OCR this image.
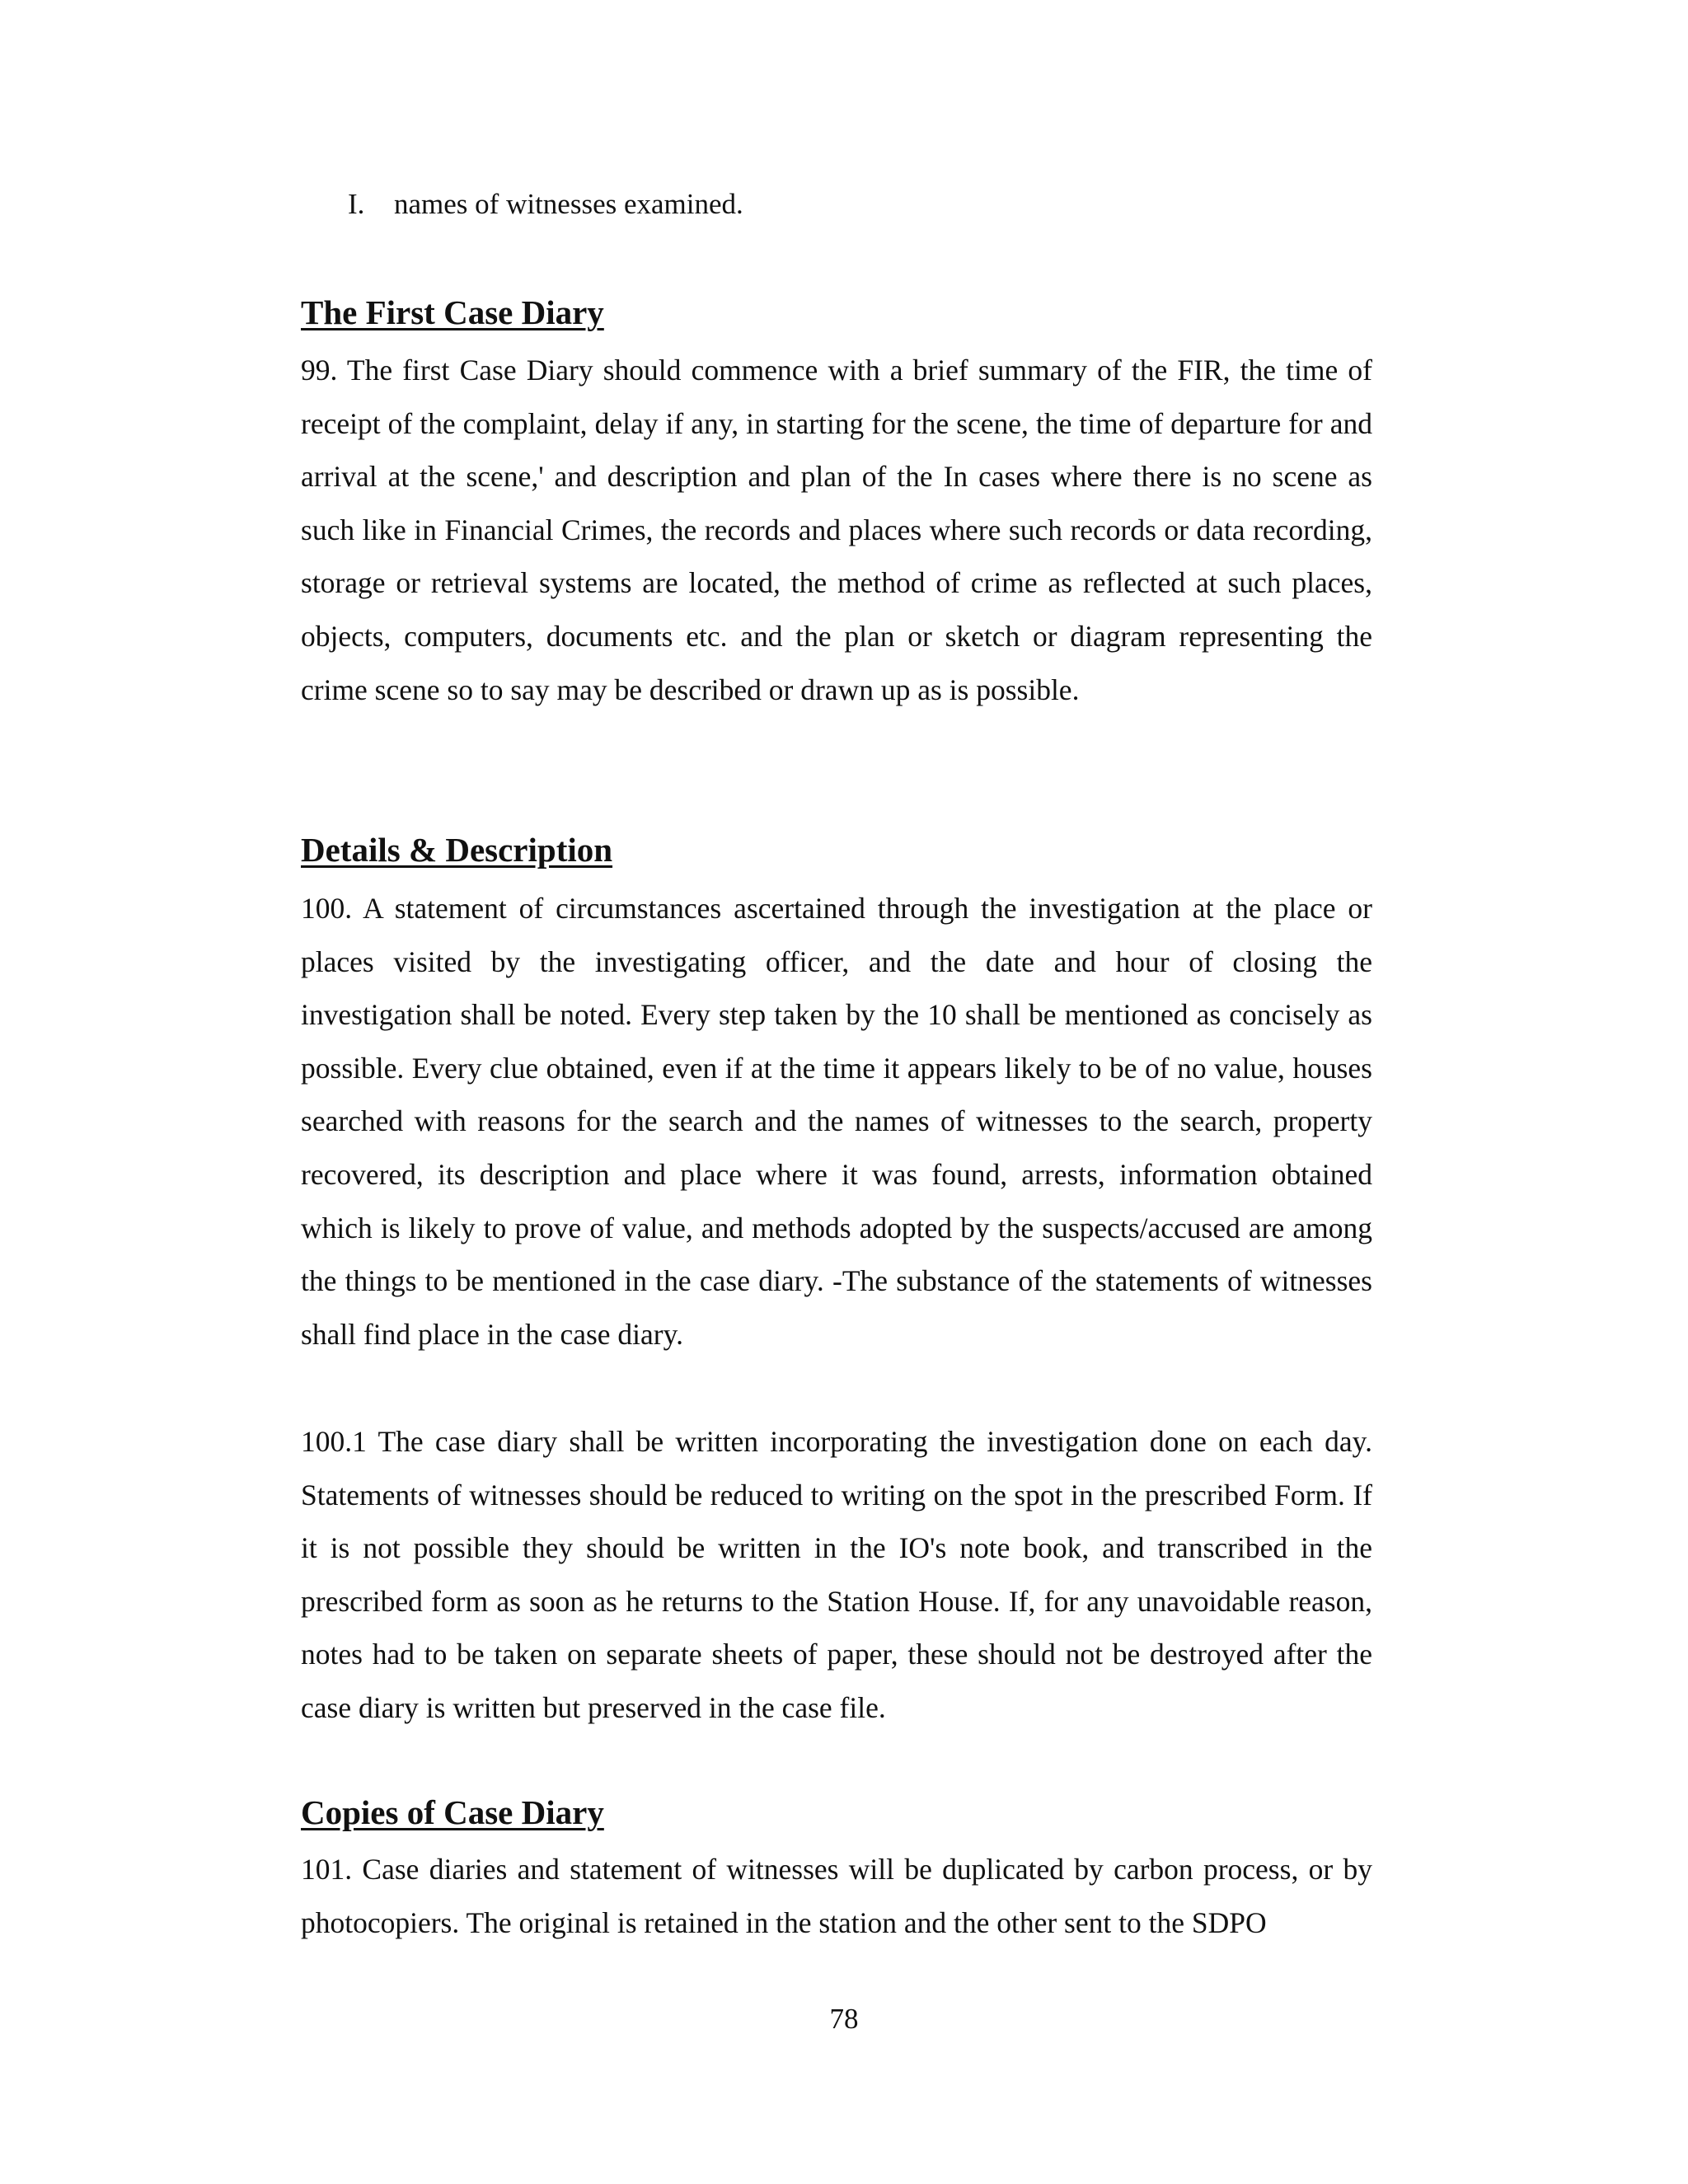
I. names of witnesses examined.
The First Case Diary

99. The first Case Diary should commence with a brief summary of the FIR, the time of receipt of the complaint, delay if any, in starting for the scene, the time of departure for and arrival at the scene,' and description and plan of the In cases where there is no scene as such like in Financial Crimes, the records and places where such records or data recording, storage or retrieval systems are located, the method of crime as reflected at such places, objects, computers, documents etc. and the plan or sketch or diagram representing the crime scene so to say may be described or drawn up as is possible.

Details & Description

100. A statement of circumstances ascertained through the investigation at the place or places visited by the investigating officer, and the date and hour of closing the investigation shall be noted. Every step taken by the 10 shall be mentioned as concisely as possible. Every clue obtained, even if at the time it appears likely to be of no value, houses searched with reasons for the search and the names of witnesses to the search, property recovered, its description and place where it was found, arrests, information obtained which is likely to prove of value, and methods adopted by the suspects/accused are among the things to be mentioned in the case diary. -The substance of the statements of witnesses shall find place in the case diary.

100.1 The case diary shall be written incorporating the investigation done on each day. Statements of witnesses should be reduced to writing on the spot in the prescribed Form. If it is not possible they should be written in the IO's note book, and transcribed in the prescribed form as soon as he returns to the Station House. If, for any unavoidable reason, notes had to be taken on separate sheets of paper, these should not be destroyed after the case diary is written but preserved in the case file.

Copies of Case Diary

101. Case diaries and statement of witnesses will be duplicated by carbon process, or by photocopiers. The original is retained in the station and the other sent to the SDPO

78
